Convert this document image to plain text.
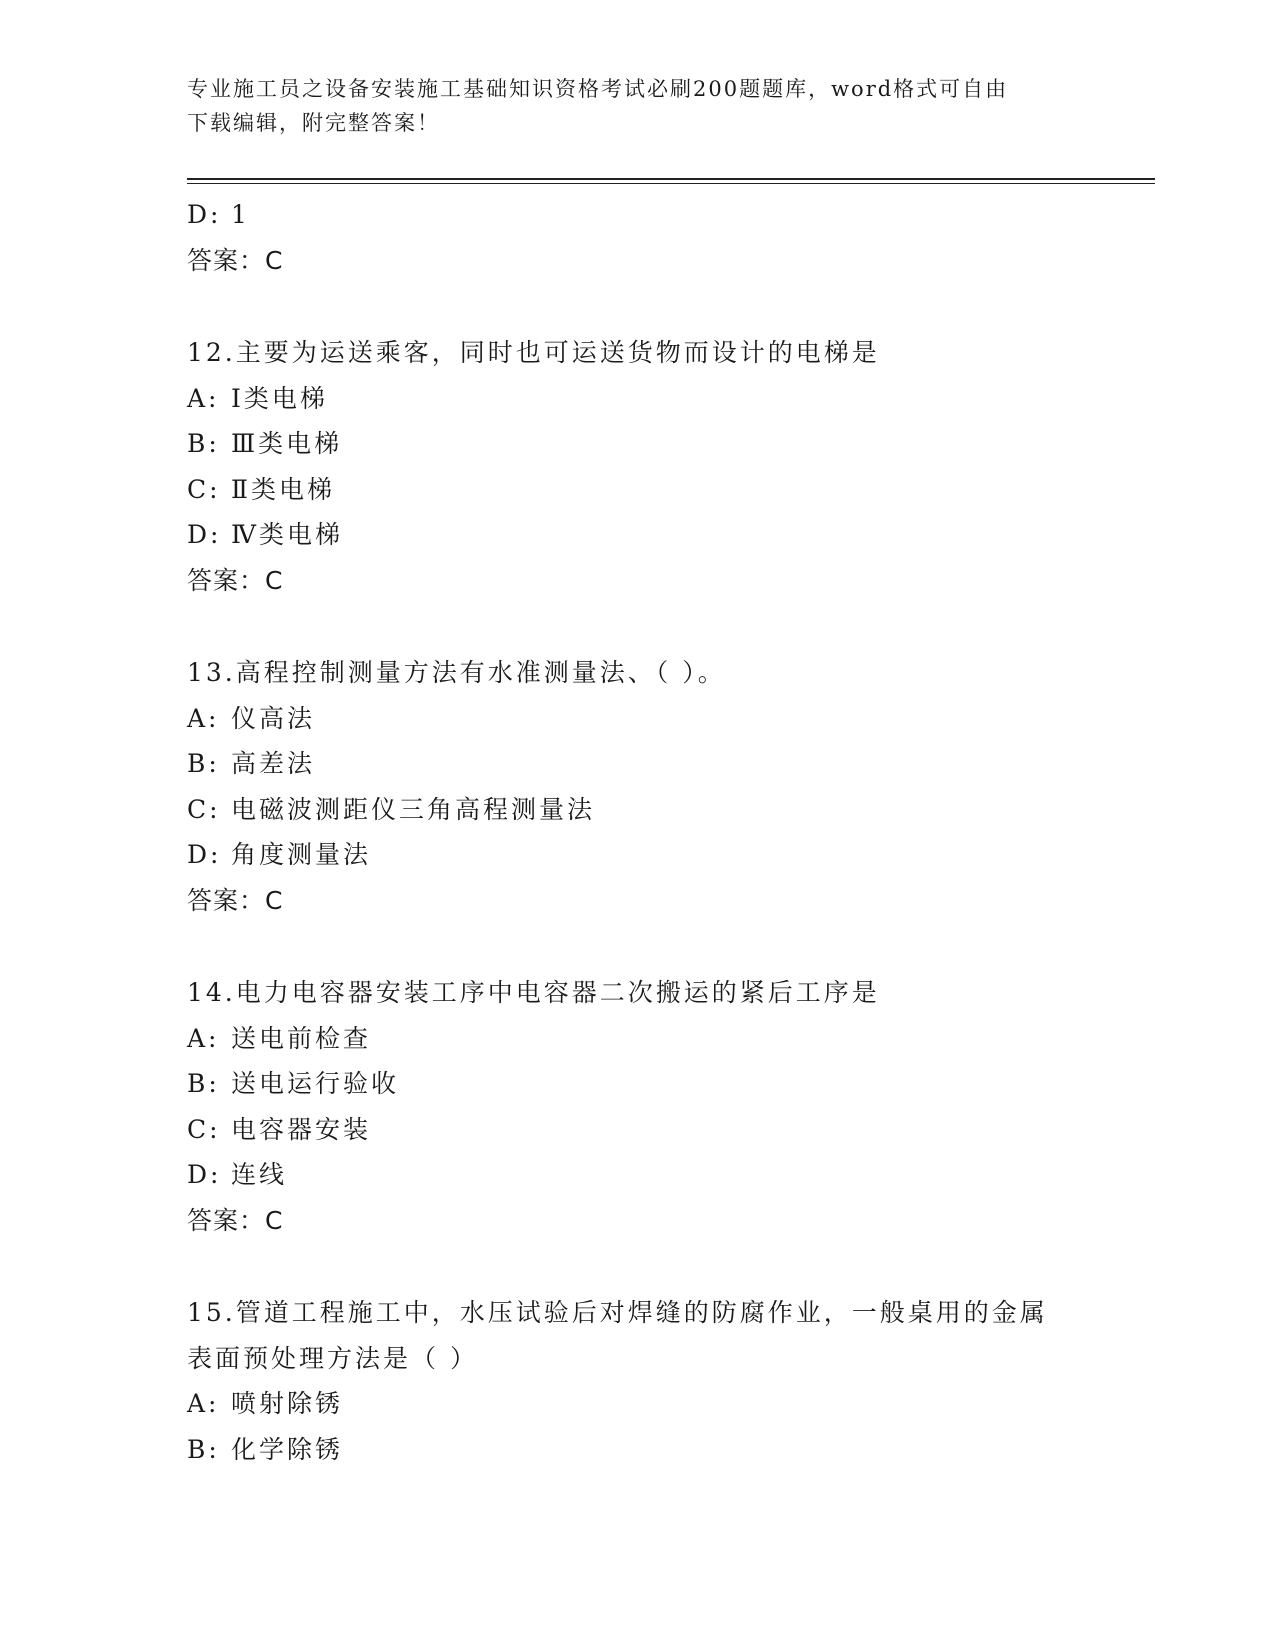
专业施工员之设备安装施工基础知识资格考试必刷200题题库，word格式可自由
下载编辑，附完整答案！
D: 1
答案：C
12.主要为运送乘客，同时也可运送货物而设计的电梯是
A: Ⅰ类电梯
B: Ⅲ类电梯
C: Ⅱ类电梯
D: Ⅳ类电梯
答案：C
13.高程控制测量方法有水准测量法、（ ）。
A: 仪高法
B: 高差法
C: 电磁波测距仪三角高程测量法
D: 角度测量法
答案：C
14.电力电容器安装工序中电容器二次搬运的紧后工序是
A: 送电前检查
B: 送电运行验收
C: 电容器安装
D: 连线
答案：C
15.管道工程施工中，水压试验后对焊缝的防腐作业，一般桌用的金属
表面预处理方法是（ ）
A: 喷射除锈
B: 化学除锈
